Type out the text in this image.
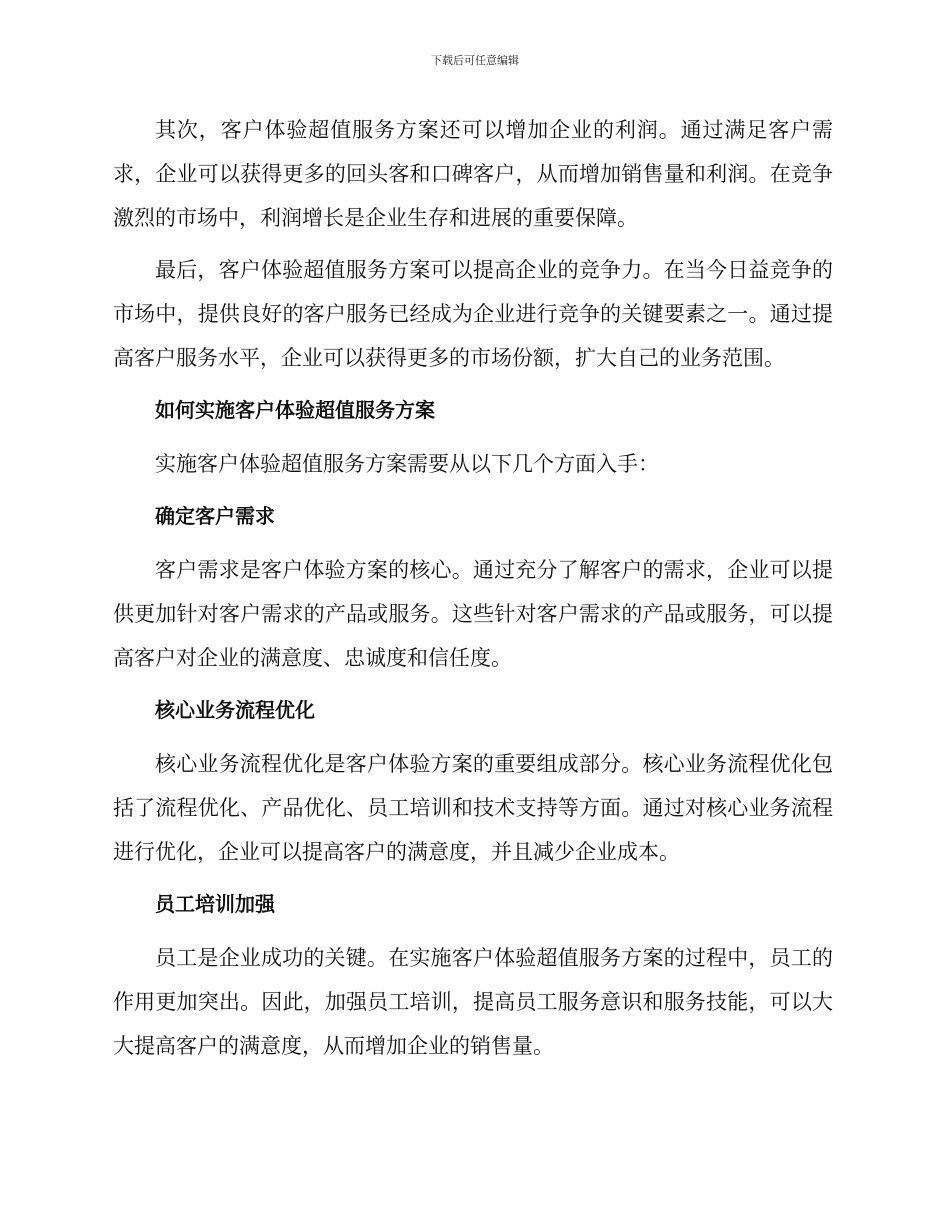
下载后可任意编辑

其次，客户体验超值服务方案还可以增加企业的利润。通过满足客户需求，企业可以获得更多的回头客和口碑客户，从而增加销售量和利润。在竞争激烈的市场中，利润增长是企业生存和进展的重要保障。

最后，客户体验超值服务方案可以提高企业的竞争力。在当今日益竞争的市场中，提供良好的客户服务已经成为企业进行竞争的关键要素之一。通过提高客户服务水平，企业可以获得更多的市场份额，扩大自己的业务范围。

如何实施客户体验超值服务方案

实施客户体验超值服务方案需要从以下几个方面入手：

确定客户需求

客户需求是客户体验方案的核心。通过充分了解客户的需求，企业可以提供更加针对客户需求的产品或服务。这些针对客户需求的产品或服务，可以提高客户对企业的满意度、忠诚度和信任度。

核心业务流程优化

核心业务流程优化是客户体验方案的重要组成部分。核心业务流程优化包括了流程优化、产品优化、员工培训和技术支持等方面。通过对核心业务流程进行优化，企业可以提高客户的满意度，并且减少企业成本。

员工培训加强

员工是企业成功的关键。在实施客户体验超值服务方案的过程中，员工的作用更加突出。因此，加强员工培训，提高员工服务意识和服务技能，可以大大提高客户的满意度，从而增加企业的销售量。
